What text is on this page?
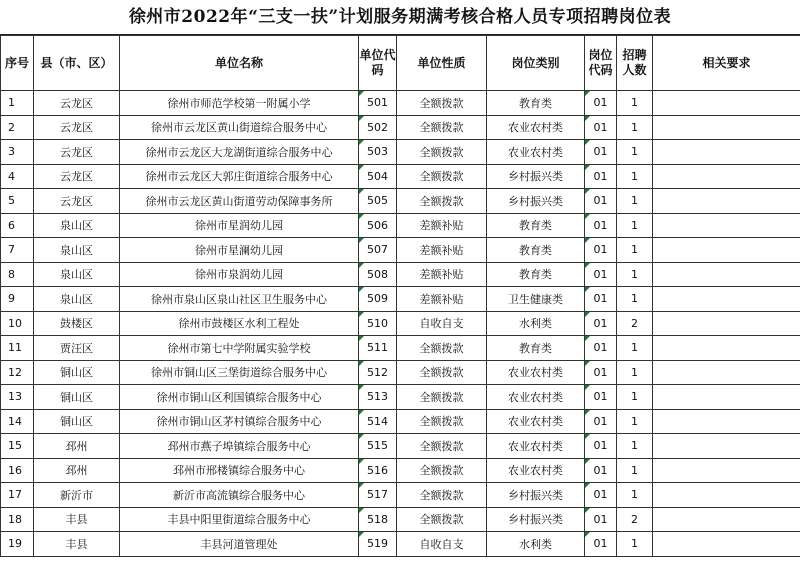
徐州市2022年“三支一扶”计划服务期满考核合格人员专项招聘岗位表
序号	县（市、区）	单位名称	单位代码	单位性质	岗位类别	岗位代码	招聘人数	相关要求
1	云龙区	徐州市师范学校第一附属小学	501	全额拨款	教育类	01	1	
2	云龙区	徐州市云龙区黄山街道综合服务中心	502	全额拨款	农业农村类	01	1	
3	云龙区	徐州市云龙区大龙湖街道综合服务中心	503	全额拨款	农业农村类	01	1	
4	云龙区	徐州市云龙区大郭庄街道综合服务中心	504	全额拨款	乡村振兴类	01	1	
5	云龙区	徐州市云龙区黄山街道劳动保障事务所	505	全额拨款	乡村振兴类	01	1	
6	泉山区	徐州市星润幼儿园	506	差额补贴	教育类	01	1	
7	泉山区	徐州市星澜幼儿园	507	差额补贴	教育类	01	1	
8	泉山区	徐州市泉润幼儿园	508	差额补贴	教育类	01	1	
9	泉山区	徐州市泉山区泉山社区卫生服务中心	509	差额补贴	卫生健康类	01	1	
10	鼓楼区	徐州市鼓楼区水利工程处	510	自收自支	水利类	01	2	
11	贾汪区	徐州市第七中学附属实验学校	511	全额拨款	教育类	01	1	
12	铜山区	徐州市铜山区三堡街道综合服务中心	512	全额拨款	农业农村类	01	1	
13	铜山区	徐州市铜山区利国镇综合服务中心	513	全额拨款	农业农村类	01	1	
14	铜山区	徐州市铜山区茅村镇综合服务中心	514	全额拨款	农业农村类	01	1	
15	邳州	邳州市燕子埠镇综合服务中心	515	全额拨款	农业农村类	01	1	
16	邳州	邳州市邢楼镇综合服务中心	516	全额拨款	农业农村类	01	1	
17	新沂市	新沂市高流镇综合服务中心	517	全额拨款	乡村振兴类	01	1	
18	丰县	丰县中阳里街道综合服务中心	518	全额拨款	乡村振兴类	01	2	
19	丰县	丰县河道管理处	519	自收自支	水利类	01	1	
